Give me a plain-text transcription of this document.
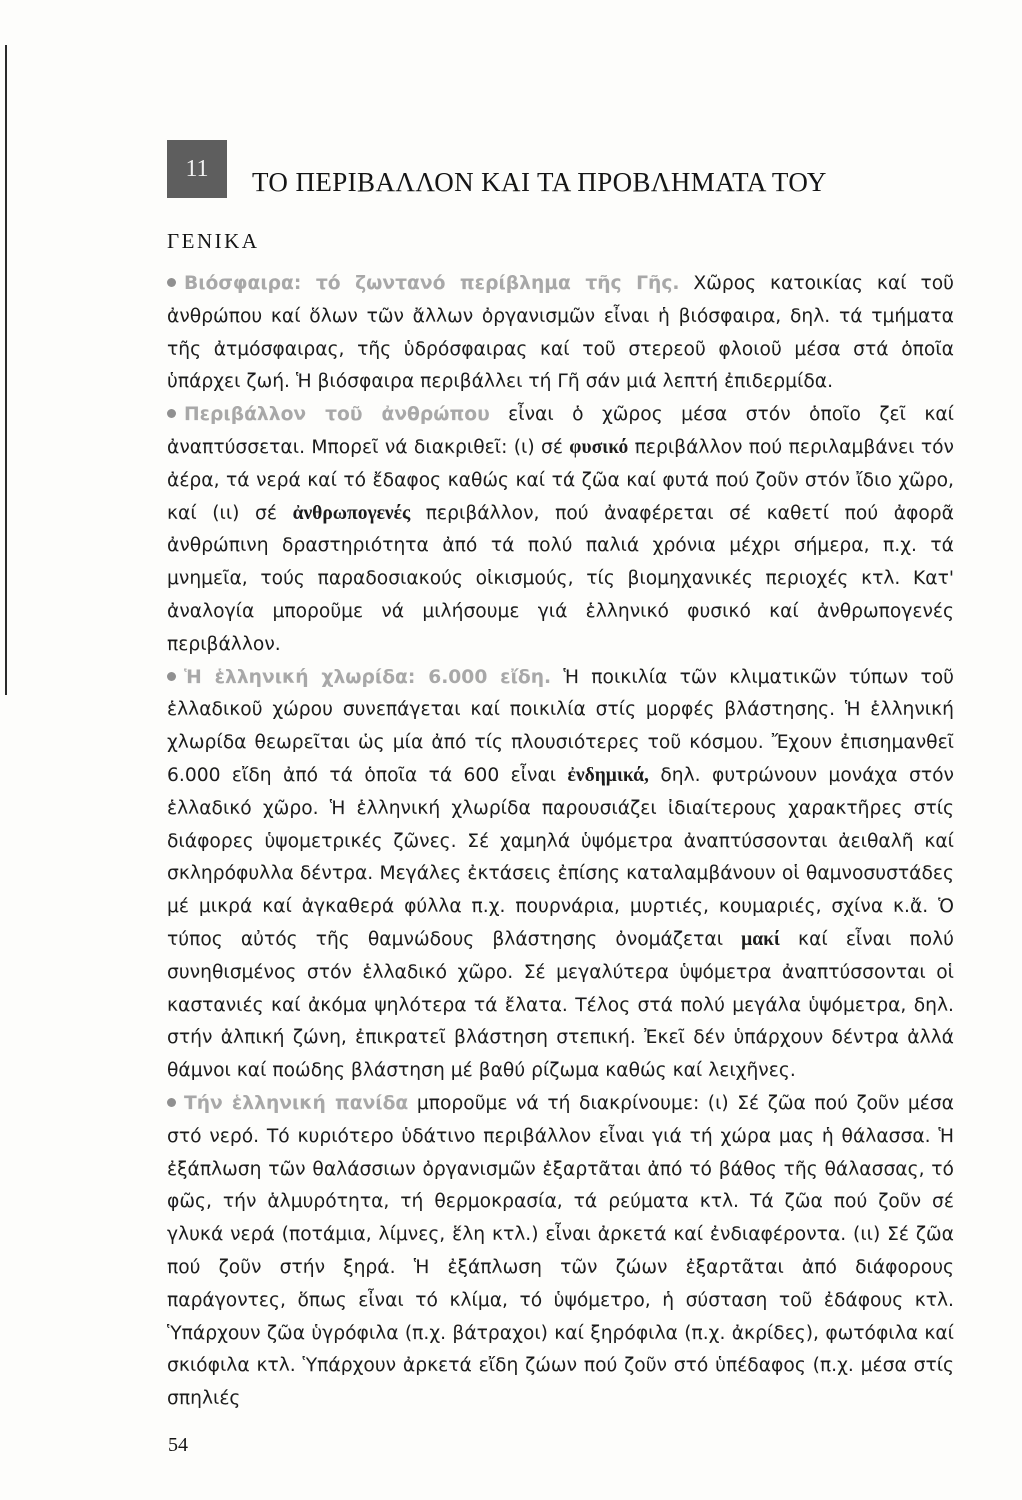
11	ΤΟ ΠΕΡΙΒΑΛΛΟΝ ΚΑΙ ΤΑ ΠΡΟΒΛΗΜΑΤΑ ΤΟΥ
ΓΕΝΙΚΑ

Βιόσφαιρα: τό ζωντανό περίβλημα τῆς Γῆς. Χῶρος κατοικίας καί τοῦ ἀνθρώπου καί ὅλων τῶν ἄλλων ὀργανισμῶν εἶναι ἡ βιόσφαιρα, δηλ. τά τμήματα τῆς ἀτμόσφαιρας, τῆς ὑδρόσφαιρας καί τοῦ στερεοῦ φλοιοῦ μέσα στά ὁποῖα ὑπάρχει ζωή. Ἡ βιόσφαιρα περιβάλλει τή Γῆ σάν μιά λεπτή ἐπιδερμίδα.

Περιβάλλον τοῦ ἀνθρώπου εἶναι ὁ χῶρος μέσα στόν ὁποῖο ζεῖ καί ἀναπτύσσεται. Μπορεῖ νά διακριθεῖ: (ι) σέ φυσικό περιβάλλον πού περιλαμβάνει τόν ἀέρα, τά νερά καί τό ἔδαφος καθώς καί τά ζῶα καί φυτά πού ζοῦν στόν ἴδιο χῶρο, καί (ιι) σέ ἀνθρωπογενές περιβάλλον, πού ἀναφέρεται σέ καθετί πού ἀφορᾶ ἀνθρώπινη δραστηριότητα ἀπό τά πολύ παλιά χρόνια μέχρι σήμερα, π.χ. τά μνημεῖα, τούς παραδοσιακούς οἰκισμούς, τίς βιομηχανικές περιοχές κτλ. Κατ' ἀναλογία μποροῦμε νά μιλήσουμε γιά ἑλληνικό φυσικό καί ἀνθρωπογενές περιβάλλον.

Ἡ ἑλληνική χλωρίδα: 6.000 εἴδη. Ἡ ποικιλία τῶν κλιματικῶν τύπων τοῦ ἑλλαδικοῦ χώρου συνεπάγεται καί ποικιλία στίς μορφές βλάστησης. Ἡ ἑλληνική χλωρίδα θεωρεῖται ὡς μία ἀπό τίς πλουσιότερες τοῦ κόσμου. Ἔχουν ἐπισημανθεῖ 6.000 εἴδη ἀπό τά ὁποῖα τά 600 εἶναι ἐνδημικά, δηλ. φυτρώνουν μονάχα στόν ἑλλαδικό χῶρο. Ἡ ἑλληνική χλωρίδα παρουσιάζει ἰδιαίτερους χαρακτῆρες στίς διάφορες ὑψομετρικές ζῶνες. Σέ χαμηλά ὑψόμετρα ἀναπτύσσονται ἀειθαλῆ καί σκληρόφυλλα δέντρα. Μεγάλες ἐκτάσεις ἐπίσης καταλαμβάνουν οἱ θαμνοσυστάδες μέ μικρά καί ἀγκαθερά φύλλα π.χ. πουρνάρια, μυρτιές, κουμαριές, σχίνα κ.ἄ. Ὁ τύπος αὐτός τῆς θαμνώδους βλάστησης ὀνομάζεται μακί καί εἶναι πολύ συνηθισμένος στόν ἑλλαδικό χῶρο. Σέ μεγαλύτερα ὑψόμετρα ἀναπτύσσονται οἱ καστανιές καί ἀκόμα ψηλότερα τά ἔλατα. Τέλος στά πολύ μεγάλα ὑψόμετρα, δηλ. στήν ἀλπική ζώνη, ἐπικρατεῖ βλάστηση στεπική. Ἐκεῖ δέν ὑπάρχουν δέντρα ἀλλά θάμνοι καί ποώδης βλάστηση μέ βαθύ ρίζωμα καθώς καί λειχῆνες.

Τήν ἑλληνική πανίδα μποροῦμε νά τή διακρίνουμε: (ι) Σέ ζῶα πού ζοῦν μέσα στό νερό. Τό κυριότερο ὑδάτινο περιβάλλον εἶναι γιά τή χώρα μας ἡ θάλασσα. Ἡ ἐξάπλωση τῶν θαλάσσιων ὀργανισμῶν ἐξαρτᾶται ἀπό τό βάθος τῆς θάλασσας, τό φῶς, τήν ἁλμυρότητα, τή θερμοκρασία, τά ρεύματα κτλ. Τά ζῶα πού ζοῦν σέ γλυκά νερά (ποτάμια, λίμνες, ἕλη κτλ.) εἶναι ἀρκετά καί ἐνδιαφέροντα. (ιι) Σέ ζῶα πού ζοῦν στήν ξηρά. Ἡ ἐξάπλωση τῶν ζώων ἐξαρτᾶται ἀπό διάφορους παράγοντες, ὅπως εἶναι τό κλίμα, τό ὑψόμετρο, ἡ σύσταση τοῦ ἐδάφους κτλ. Ὑπάρχουν ζῶα ὑγρόφιλα (π.χ. βάτραχοι) καί ξηρόφιλα (π.χ. ἀκρίδες), φωτόφιλα καί σκιόφιλα κτλ. Ὑπάρχουν ἀρκετά εἴδη ζώων πού ζοῦν στό ὑπέδαφος (π.χ. μέσα στίς σπηλιές

54
